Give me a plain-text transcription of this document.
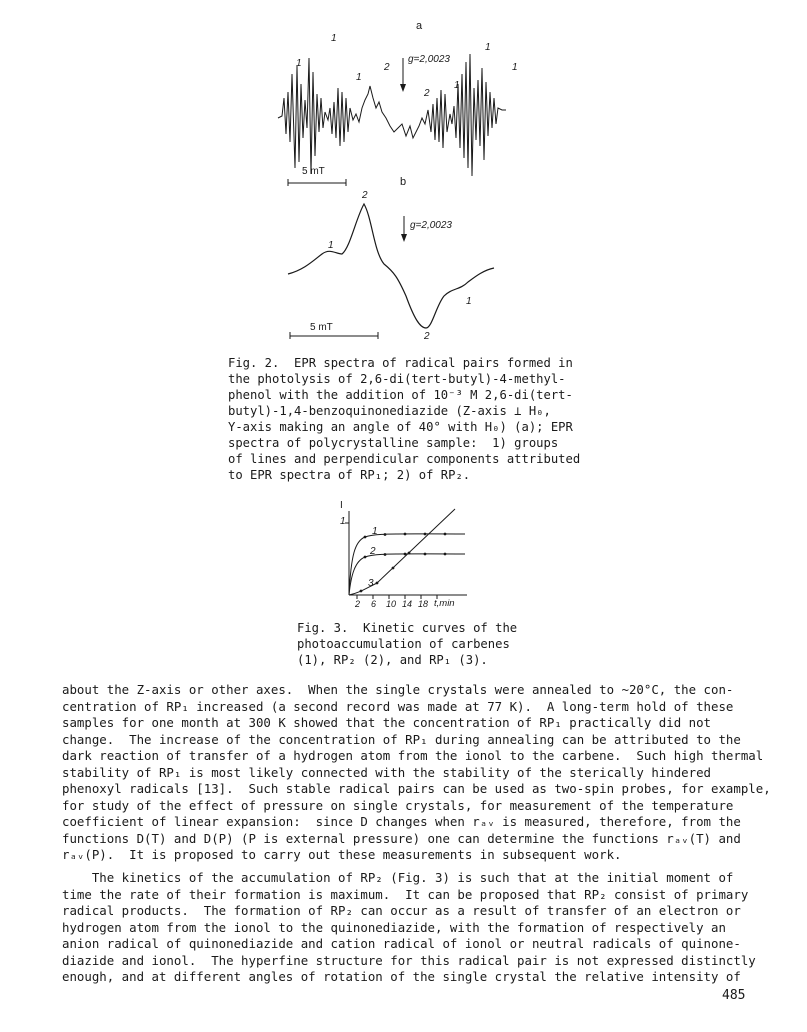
a
g=2,0023
1
1
1
2
2
1
1
1
5 mT
b
2
g=2,0023
1
1
2
5 mT
Fig. 2.  EPR spectra of radical pairs formed in
the photolysis of 2,6-di(tert-butyl)-4-methyl-
phenol with the addition of 10⁻³ M 2,6-di(tert-
butyl)-1,4-benzoquinonediazide (Z-axis ⊥ H₀,
Y-axis making an angle of 40° with H₀) (a); EPR
spectra of polycrystalline sample:  1) groups
of lines and perpendicular components attributed
to EPR spectra of RP₁; 2) of RP₂.
I
1
1
2
3
2 6 10 14 18 t,min
Fig. 3.  Kinetic curves of the
photoaccumulation of carbenes
(1), RP₂ (2), and RP₁ (3).
about the Z-axis or other axes.  When the single crystals were annealed to ~20°C, the con-
centration of RP₁ increased (a second record was made at 77 K).  A long-term hold of these
samples for one month at 300 K showed that the concentration of RP₁ practically did not
change.  The increase of the concentration of RP₁ during annealing can be attributed to the
dark reaction of transfer of a hydrogen atom from the ionol to the carbene.  Such high thermal
stability of RP₁ is most likely connected with the stability of the sterically hindered
phenoxyl radicals [13].  Such stable radical pairs can be used as two-spin probes, for example,
for study of the effect of pressure on single crystals, for measurement of the temperature
coefficient of linear expansion:  since D changes when rₐᵥ is measured, therefore, from the
functions D(T) and D(P) (P is external pressure) one can determine the functions rₐᵥ(T) and
rₐᵥ(P).  It is proposed to carry out these measurements in subsequent work.
The kinetics of the accumulation of RP₂ (Fig. 3) is such that at the initial moment of
time the rate of their formation is maximum.  It can be proposed that RP₂ consist of primary
radical products.  The formation of RP₂ can occur as a result of transfer of an electron or
hydrogen atom from the ionol to the quinonediazide, with the formation of respectively an
anion radical of quinonediazide and cation radical of ionol or neutral radicals of quinone-
diazide and ionol.  The hyperfine structure for this radical pair is not expressed distinctly
enough, and at different angles of rotation of the single crystal the relative intensity of
485
